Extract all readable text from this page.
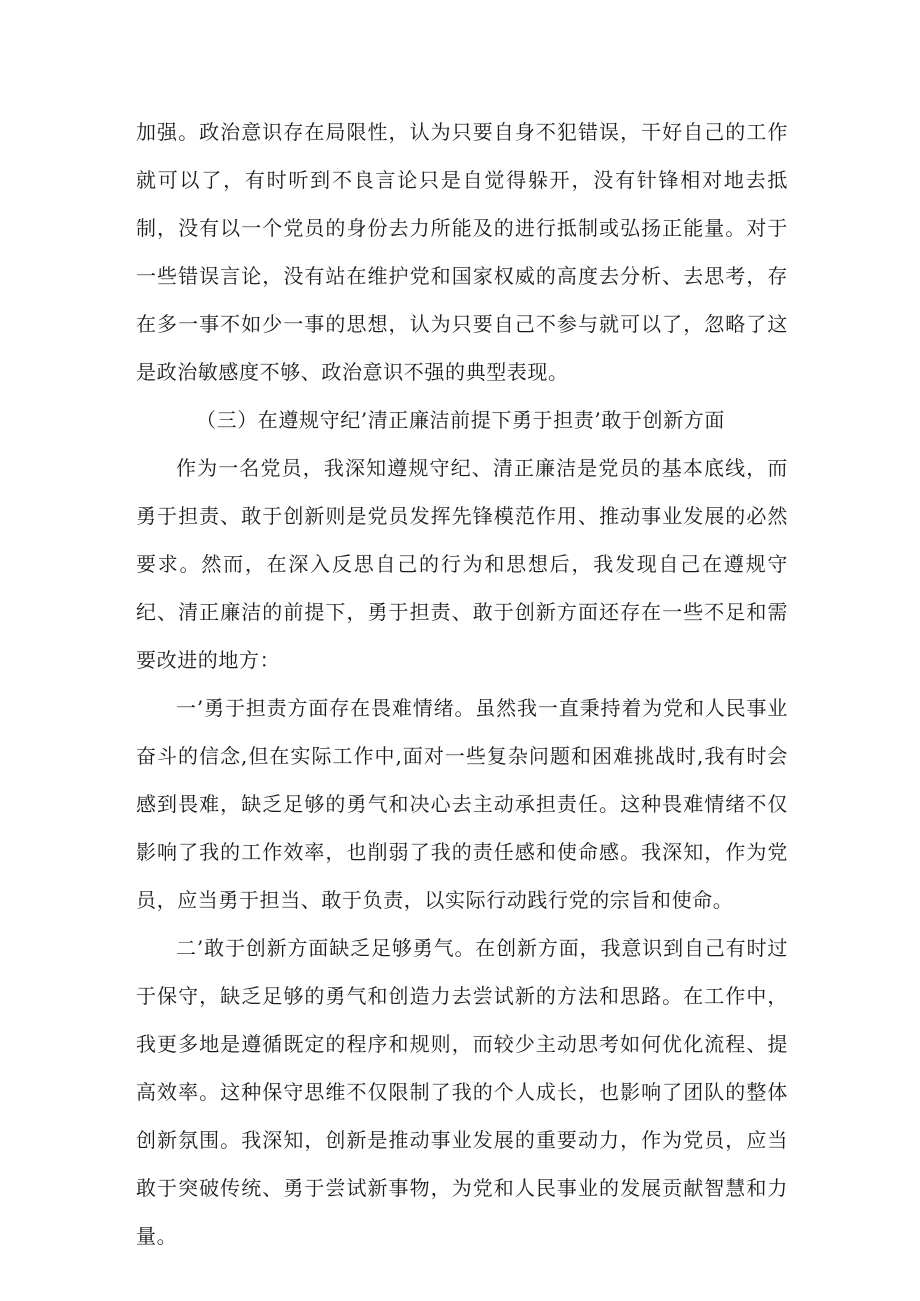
加强。政治意识存在局限性，认为只要自身不犯错误，干好自己的工作就可以了，有时听到不良言论只是自觉得躲开，没有针锋相对地去抵制，没有以一个党员的身份去力所能及的进行抵制或弘扬正能量。对于一些错误言论，没有站在维护党和国家权威的高度去分析、去思考，存在多一事不如少一事的思想，认为只要自己不参与就可以了，忽略了这是政治敏感度不够、政治意识不强的典型表现。

（三）在遵规守纪’清正廉洁前提下勇于担责’敢于创新方面

作为一名党员，我深知遵规守纪、清正廉洁是党员的基本底线，而勇于担责、敢于创新则是党员发挥先锋模范作用、推动事业发展的必然要求。然而，在深入反思自己的行为和思想后，我发现自己在遵规守纪、清正廉洁的前提下，勇于担责、敢于创新方面还存在一些不足和需要改进的地方：

一’勇于担责方面存在畏难情绪。虽然我一直秉持着为党和人民事业奋斗的信念,但在实际工作中,面对一些复杂问题和困难挑战时,我有时会感到畏难，缺乏足够的勇气和决心去主动承担责任。这种畏难情绪不仅影响了我的工作效率，也削弱了我的责任感和使命感。我深知，作为党员，应当勇于担当、敢于负责，以实际行动践行党的宗旨和使命。

二’敢于创新方面缺乏足够勇气。在创新方面，我意识到自己有时过于保守，缺乏足够的勇气和创造力去尝试新的方法和思路。在工作中，我更多地是遵循既定的程序和规则，而较少主动思考如何优化流程、提高效率。这种保守思维不仅限制了我的个人成长，也影响了团队的整体创新氛围。我深知，创新是推动事业发展的重要动力，作为党员，应当敢于突破传统、勇于尝试新事物，为党和人民事业的发展贡献智慧和力量。
